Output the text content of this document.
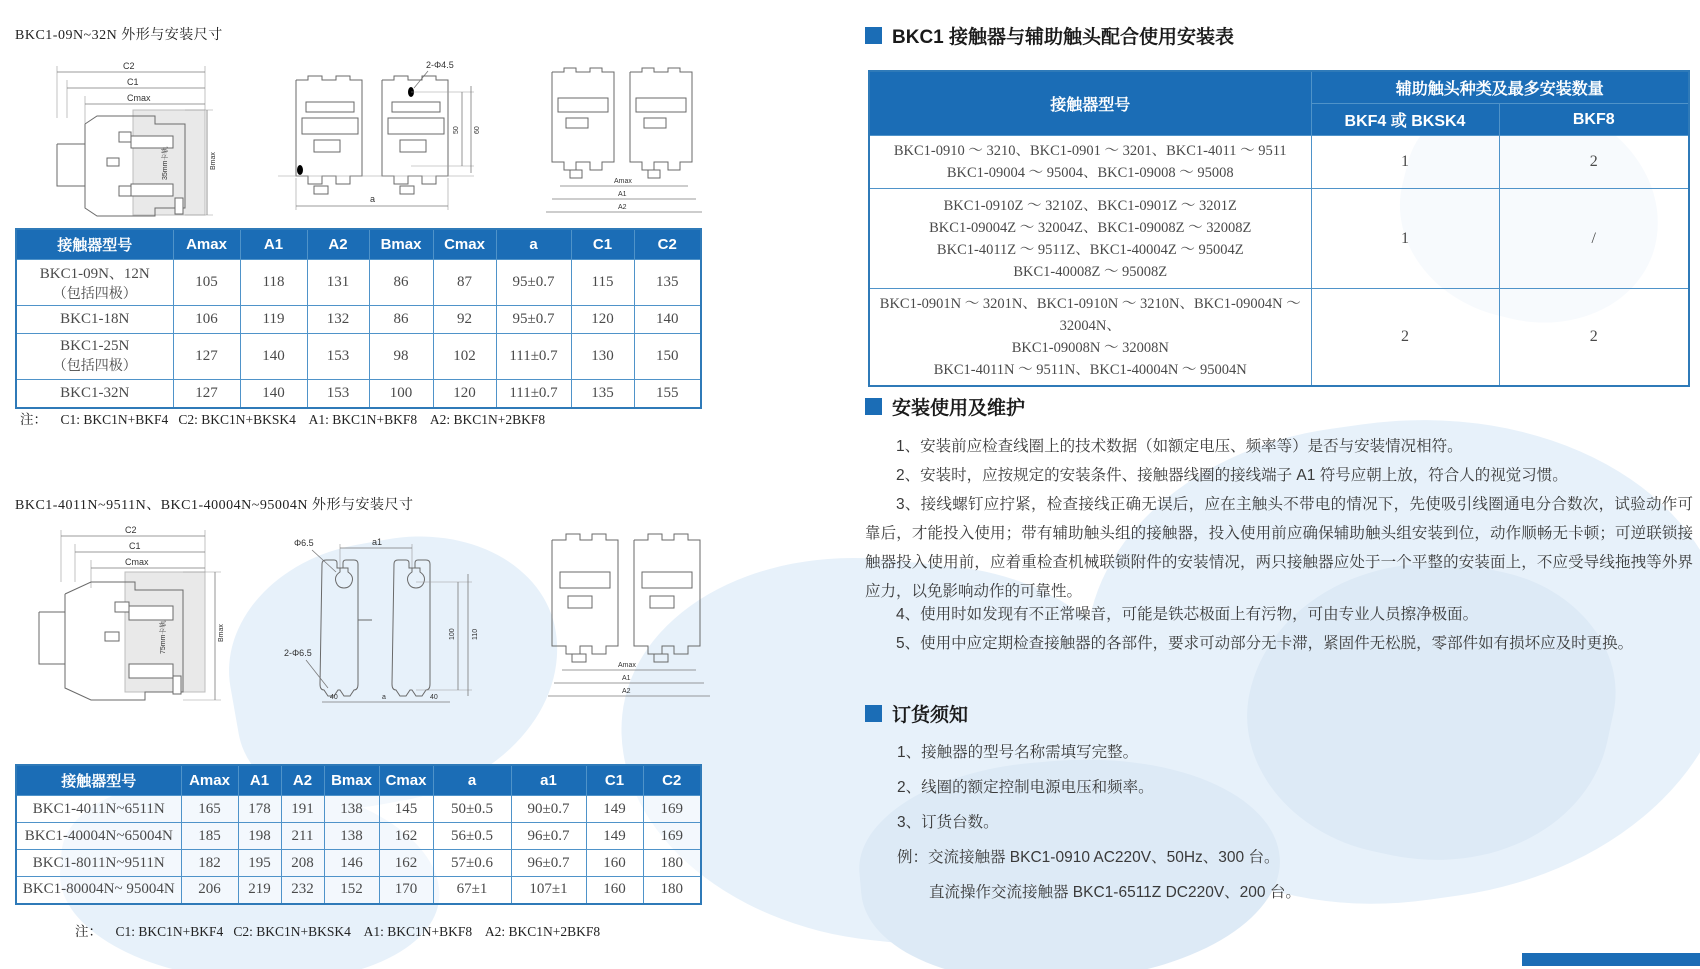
BKC1-09N~32N 外形与安装尺寸
C2
C1
Cmax
Bmax
35mm卡轨
2-Φ4.5
50 60
a
Amax
A1
A2
接触器型号	Amax	A1	A2	Bmax	Cmax	a	C1	C2

BKC1-09N、12N
（包括四极）	105	118	131	86	87	95±0.7	115	135
BKC1-18N	106	119	132	86	92	95±0.7	120	140

BKC1-25N
（包括四极）	127	140	153	98	102	111±0.7	130	150
BKC1-32N	127	140	153	100	120	111±0.7	135	155
注：    C1: BKC1N+BKF4   C2: BKC1N+BKSK4    A1: BKC1N+BKF8    A2: BKC1N+2BKF8
BKC1-4011N~9511N、BKC1-40004N~95004N 外形与安装尺寸
C2
C1
Cmax
Bmax
75mm卡轨
Φ6.5	a1
2-Φ6.5
100 110
40	a	40
Amax
A1
A2
接触器型号	Amax	A1	A2	Bmax	Cmax	a	a1	C1	C2
BKC1-4011N~6511N	165	178	191	138	145	50±0.5	90±0.7	149	169
BKC1-40004N~65004N	185	198	211	138	162	56±0.5	96±0.7	149	169
BKC1-8011N~9511N	182	195	208	146	162	57±0.6	96±0.7	160	180
BKC1-80004N~ 95004N	206	219	232	152	170	67±1	107±1	160	180
注：    C1: BKC1N+BKF4   C2: BKC1N+BKSK4    A1: BKC1N+BKF8    A2: BKC1N+2BKF8
BKC1 接触器与辅助触头配合使用安装表
接触器型号	辅助触头种类及最多安装数量	
	BKF4 或 BKSK4	BKF8

BKC1-0910 ～ 3210、BKC1-0901 ～ 3201、BKC1-4011 ～ 9511
BKC1-09004 ～ 95004、BKC1-09008 ～ 95008	1	2

BKC1-0910Z ～ 3210Z、BKC1-0901Z ～ 3201Z
BKC1-09004Z ～ 32004Z、BKC1-09008Z ～ 32008Z
BKC1-4011Z ～ 9511Z、BKC1-40004Z ～ 95004Z
BKC1-40008Z ～ 95008Z	1	/

BKC1-0901N ～ 3201N、BKC1-0910N ～ 3210N、BKC1-09004N ～ 32004N、
BKC1-09008N ～ 32008N
BKC1-4011N ～ 9511N、BKC1-40004N ～ 95004N	2	2
安装使用及维护

1、安装前应检查线圈上的技术数据（如额定电压、频率等）是否与安装情况相符。

2、安装时，应按规定的安装条件、接触器线圈的接线端子 A1 符号应朝上放，符合人的视觉习惯。

3、接线螺钉应拧紧，检查接线正确无误后，应在主触头不带电的情况下，先使吸引线圈通电分合数次，试验动作可靠后，才能投入使用；带有辅助触头组的接触器，投入使用前应确保辅助触头组安装到位，动作顺畅无卡顿；可逆联锁接触器投入使用前，应着重检查机械联锁附件的安装情况，两只接触器应处于一个平整的安装面上，不应受导线拖拽等外界应力，以免影响动作的可靠性。

4、使用时如发现有不正常噪音，可能是铁芯极面上有污物，可由专业人员擦净极面。

5、使用中应定期检查接触器的各部件，要求可动部分无卡滞，紧固件无松脱，零部件如有损坏应及时更换。

订货须知
1、接触器的型号名称需填写完整。
2、线圈的额定控制电源电压和频率。
3、订货台数。
例：交流接触器 BKC1-0910 AC220V、50Hz、300 台。
直流操作交流接触器 BKC1-6511Z DC220V、200 台。
